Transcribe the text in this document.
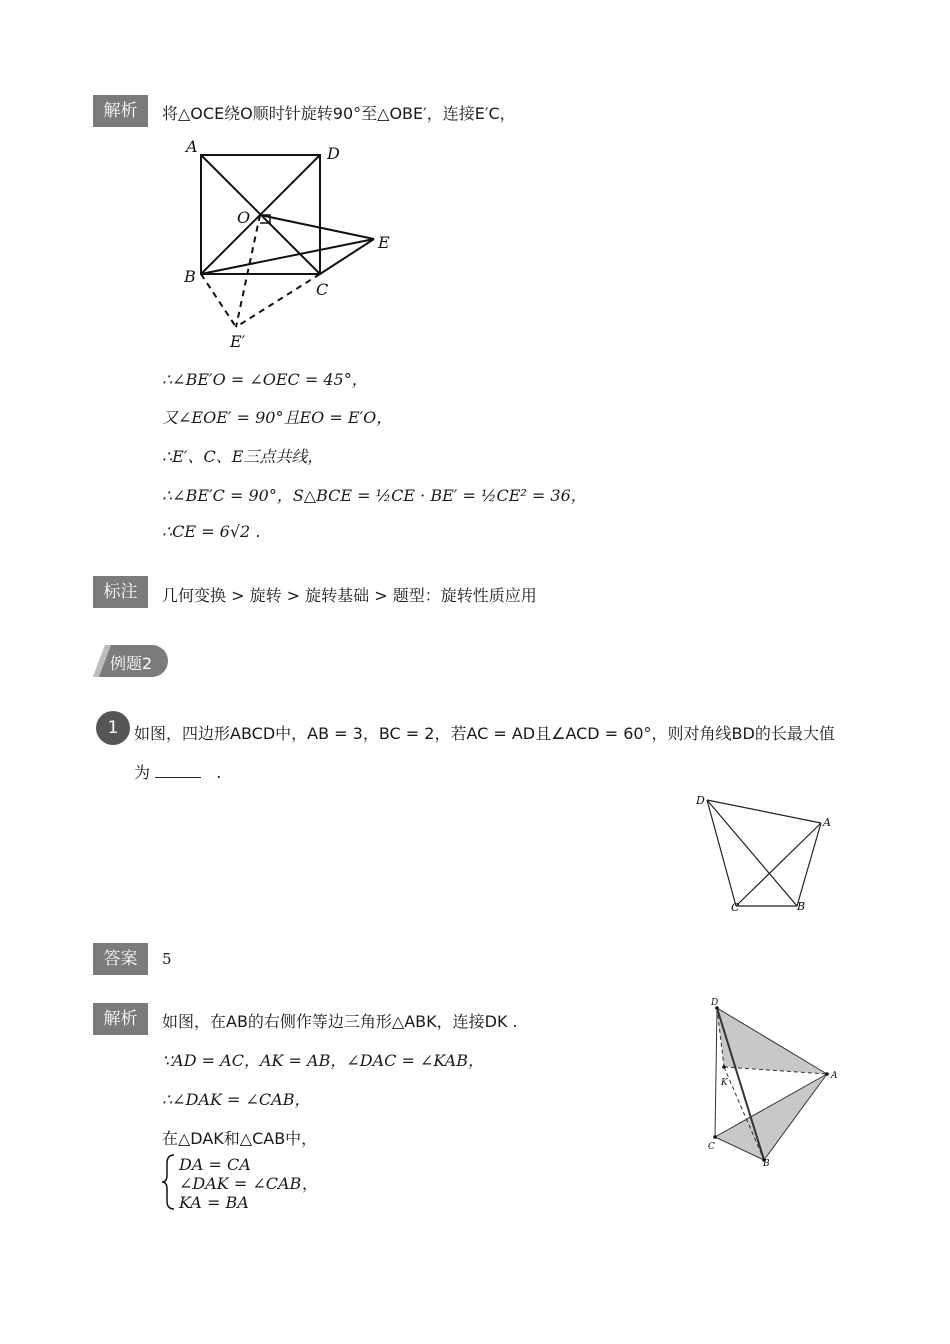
解析	将△OCE绕O顺时针旋转90°至△OBE′，连接E′C，
A	D
O
E
B
C
E′
∴∠BE′O = ∠OEC = 45°，
又∠EOE′ = 90°且EO = E′O，
∴E′、C、E三点共线，
∴∠BE′C = 90°，S△BCE = ½CE · BE′ = ½CE² = 36，
∴CE = 6√2 .
标注	几何变换 > 旋转 > 旋转基础 > 题型：旋转性质应用
例题2
1 如图，四边形ABCD中，AB = 3，BC = 2，若AC = AD且∠ACD = 60°，则对角线BD的长最大值
为	.
D
A
C	B
答案	5
解析	如图，在AB的右侧作等边三角形△ABK，连接DK .
D
A
K
C
B
∵AD = AC，AK = AB，∠DAC = ∠KAB，
∴∠DAK = ∠CAB，
在△DAK和△CAB中，
DA = CA
∠DAK = ∠CAB
KA = BA
，
